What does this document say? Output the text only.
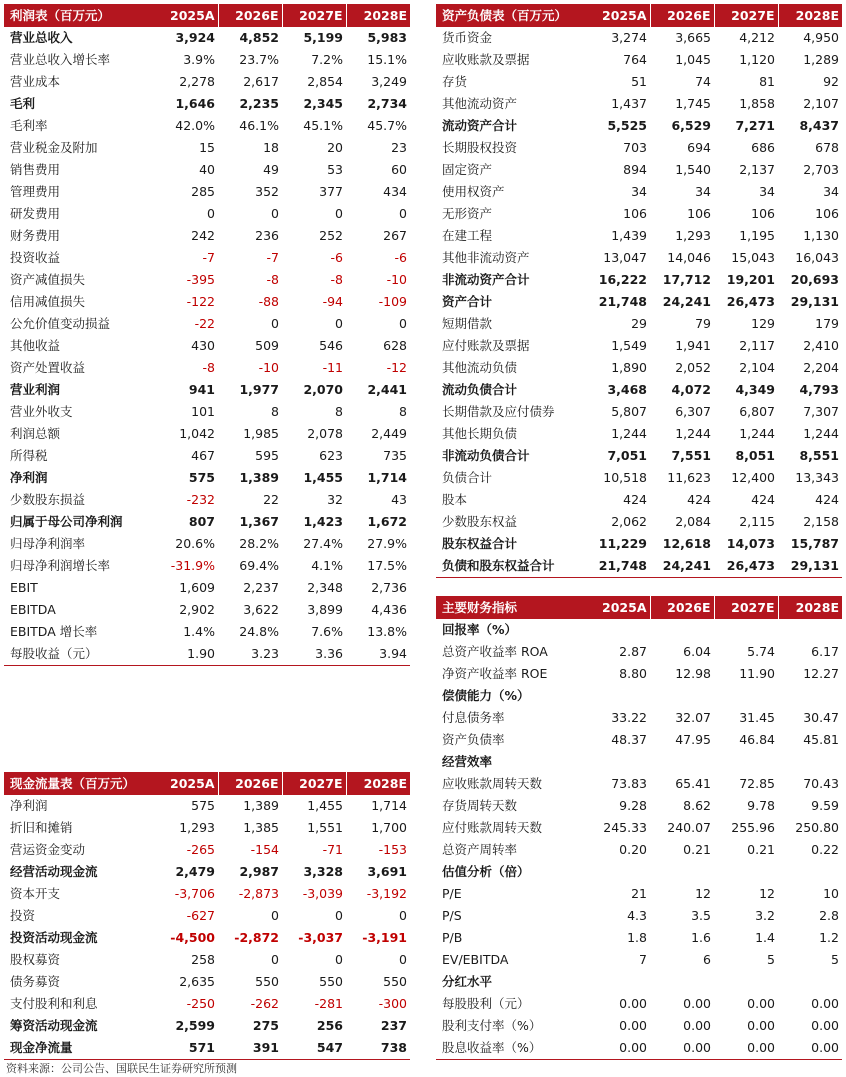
利润表（百万元）	2025A	2026E	2027E	2028E
营业总收入	3,924	4,852	5,199	5,983
营业总收入增长率	3.9%	23.7%	7.2%	15.1%
营业成本	2,278	2,617	2,854	3,249
毛利	1,646	2,235	2,345	2,734
毛利率	42.0%	46.1%	45.1%	45.7%
营业税金及附加	15	18	20	23
销售费用	40	49	53	60
管理费用	285	352	377	434
研发费用	0	0	0	0
财务费用	242	236	252	267
投资收益	-7	-7	-6	-6
资产减值损失	-395	-8	-8	-10
信用减值损失	-122	-88	-94	-109
公允价值变动损益	-22	0	0	0
其他收益	430	509	546	628
资产处置收益	-8	-10	-11	-12
营业利润	941	1,977	2,070	2,441
营业外收支	101	8	8	8
利润总额	1,042	1,985	2,078	2,449
所得税	467	595	623	735
净利润	575	1,389	1,455	1,714
少数股东损益	-232	22	32	43
归属于母公司净利润	807	1,367	1,423	1,672
归母净利润率	20.6%	28.2%	27.4%	27.9%
归母净利润增长率	-31.9%	69.4%	4.1%	17.5%
EBIT	1,609	2,237	2,348	2,736
EBITDA	2,902	3,622	3,899	4,436
EBITDA 增长率	1.4%	24.8%	7.6%	13.8%
每股收益（元）	1.90	3.23	3.36	3.94
资产负债表（百万元）	2025A	2026E	2027E	2028E
货币资金	3,274	3,665	4,212	4,950
应收账款及票据	764	1,045	1,120	1,289
存货	51	74	81	92
其他流动资产	1,437	1,745	1,858	2,107
流动资产合计	5,525	6,529	7,271	8,437
长期股权投资	703	694	686	678
固定资产	894	1,540	2,137	2,703
使用权资产	34	34	34	34
无形资产	106	106	106	106
在建工程	1,439	1,293	1,195	1,130
其他非流动资产	13,047	14,046	15,043	16,043
非流动资产合计	16,222	17,712	19,201	20,693
资产合计	21,748	24,241	26,473	29,131
短期借款	29	79	129	179
应付账款及票据	1,549	1,941	2,117	2,410
其他流动负债	1,890	2,052	2,104	2,204
流动负债合计	3,468	4,072	4,349	4,793
长期借款及应付债券	5,807	6,307	6,807	7,307
其他长期负债	1,244	1,244	1,244	1,244
非流动负债合计	7,051	7,551	8,051	8,551
负债合计	10,518	11,623	12,400	13,343
股本	424	424	424	424
少数股东权益	2,062	2,084	2,115	2,158
股东权益合计	11,229	12,618	14,073	15,787
负债和股东权益合计	21,748	24,241	26,473	29,131
主要财务指标	2025A	2026E	2027E	2028E
回报率（%）				
总资产收益率 ROA	2.87	6.04	5.74	6.17
净资产收益率 ROE	8.80	12.98	11.90	12.27
偿债能力（%）				
付息债务率	33.22	32.07	31.45	30.47
资产负债率	48.37	47.95	46.84	45.81
经营效率				
应收账款周转天数	73.83	65.41	72.85	70.43
存货周转天数	9.28	8.62	9.78	9.59
应付账款周转天数	245.33	240.07	255.96	250.80
总资产周转率	0.20	0.21	0.21	0.22
估值分析（倍）				
P/E	21	12	12	10
P/S	4.3	3.5	3.2	2.8
P/B	1.8	1.6	1.4	1.2
EV/EBITDA	7	6	5	5
分红水平				
每股股利（元）	0.00	0.00	0.00	0.00
股利支付率（%）	0.00	0.00	0.00	0.00
股息收益率（%）	0.00	0.00	0.00	0.00
现金流量表（百万元）	2025A	2026E	2027E	2028E
净利润	575	1,389	1,455	1,714
折旧和摊销	1,293	1,385	1,551	1,700
营运资金变动	-265	-154	-71	-153
经营活动现金流	2,479	2,987	3,328	3,691
资本开支	-3,706	-2,873	-3,039	-3,192
投资	-627	0	0	0
投资活动现金流	-4,500	-2,872	-3,037	-3,191
股权募资	258	0	0	0
债务募资	2,635	550	550	550
支付股利和利息	-250	-262	-281	-300
筹资活动现金流	2,599	275	256	237
现金净流量	571	391	547	738
资料来源：公司公告、国联民生证券研究所预测
